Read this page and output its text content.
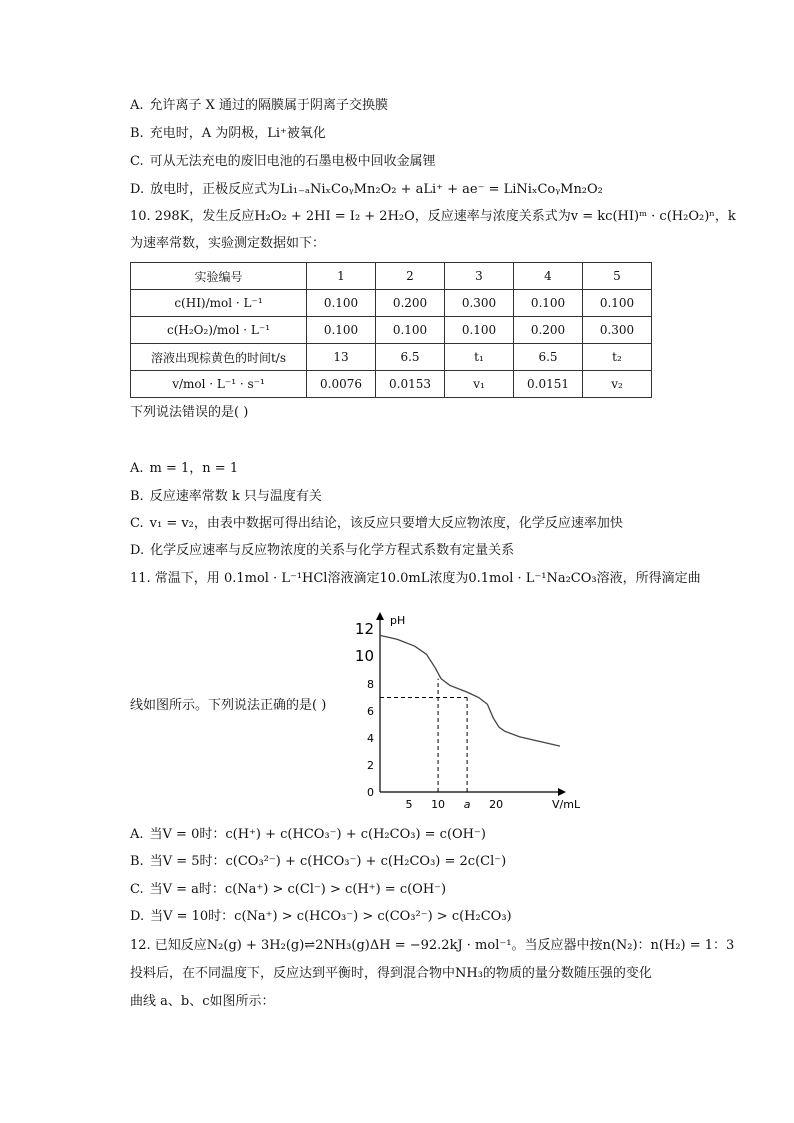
A. 允许离子 X 通过的隔膜属于阴离子交换膜
B. 充电时，A 为阴极，Li⁺被氧化
C. 可从无法充电的废旧电池的石墨电极中回收金属锂
D. 放电时，正极反应式为Li₁₋ₐNiₓCoᵧMn₂O₂ + aLi⁺ + ae⁻ = LiNiₓCoᵧMn₂O₂
10. 298K，发生反应H₂O₂ + 2HI = I₂ + 2H₂O，反应速率与浓度关系式为v = kc(HI)ᵐ · c(H₂O₂)ⁿ，k
为速率常数，实验测定数据如下：
实验编号	1	2	3	4	5
c(HI)/mol · L⁻¹	0.100	0.200	0.300	0.100	0.100
c(H₂O₂)/mol · L⁻¹	0.100	0.100	0.100	0.200	0.300
溶液出现棕黄色的时间t/s	13	6.5	t₁	6.5	t₂
v/mol · L⁻¹ · s⁻¹	0.0076	0.0153	v₁	0.0151	v₂
下列说法错误的是( )
A. m = 1，n = 1
B. 反应速率常数 k 只与温度有关
C. v₁ = v₂，由表中数据可得出结论，该反应只要增大反应物浓度，化学反应速率加快
D. 化学反应速率与反应物浓度的关系与化学方程式系数有定量关系
11. 常温下，用 0.1mol · L⁻¹HCl溶液滴定10.0mL浓度为0.1mol · L⁻¹Na₂CO₃溶液，所得滴定曲
线如图所示。下列说法正确的是( )
pH
V/mL
0
2
4
6
8
10
12
5 10 a 20
A. 当V = 0时：c(H⁺) + c(HCO₃⁻) + c(H₂CO₃) = c(OH⁻)
B. 当V = 5时：c(CO₃²⁻) + c(HCO₃⁻) + c(H₂CO₃) = 2c(Cl⁻)
C. 当V = a时：c(Na⁺) > c(Cl⁻) > c(H⁺) = c(OH⁻)
D. 当V = 10时：c(Na⁺) > c(HCO₃⁻) > c(CO₃²⁻) > c(H₂CO₃)
12. 已知反应N₂(g) + 3H₂(g)⇌2NH₃(g)ΔH = −92.2kJ · mol⁻¹。当反应器中按n(N₂)：n(H₂) = 1：3
投料后，在不同温度下，反应达到平衡时，得到混合物中NH₃的物质的量分数随压强的变化
曲线 a、b、c如图所示：
